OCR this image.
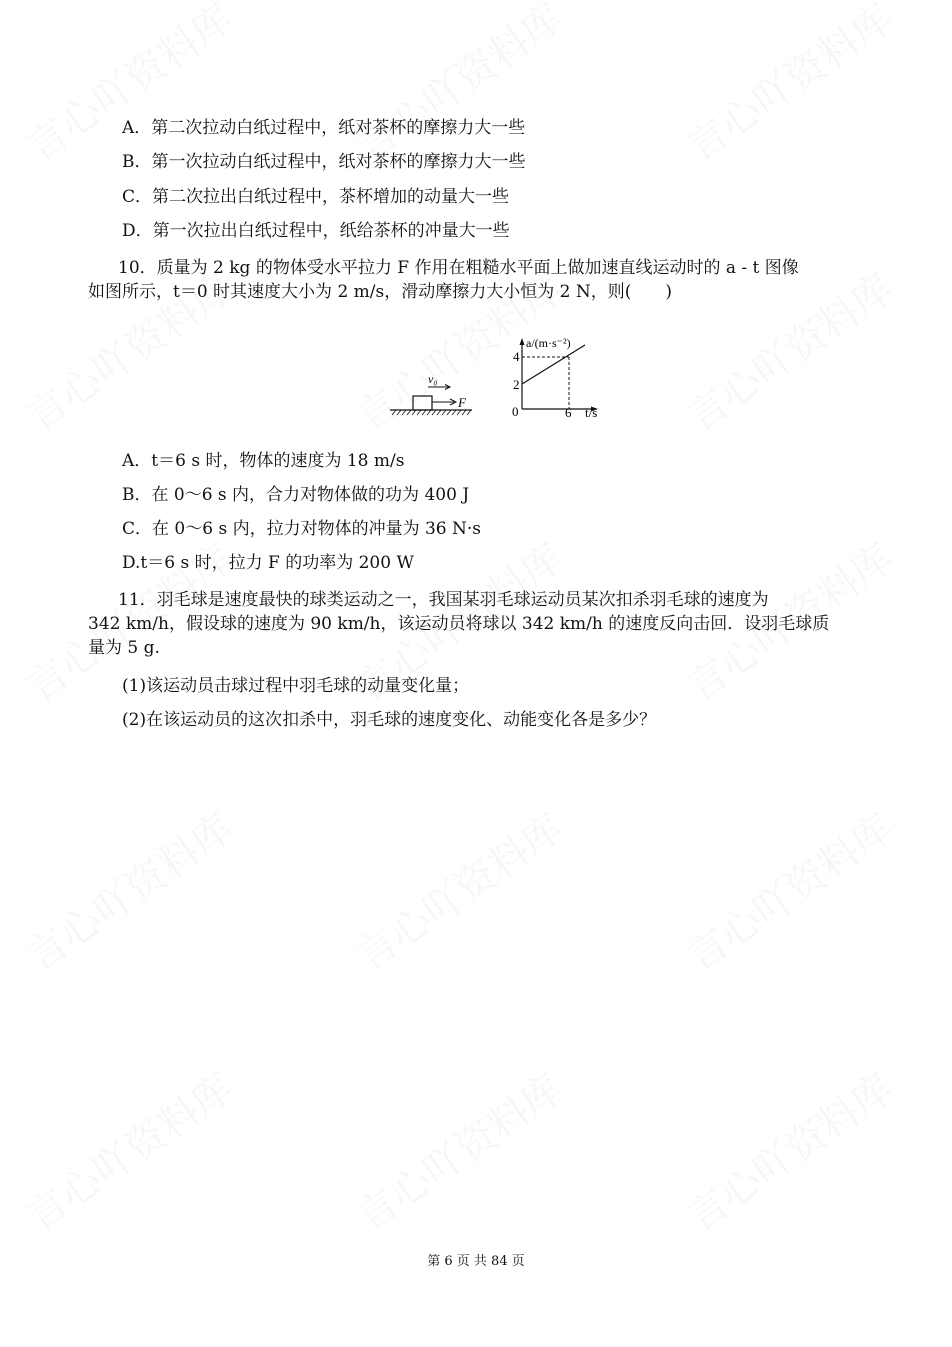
A．第二次拉动白纸过程中，纸对茶杯的摩擦力大一些
B．第一次拉动白纸过程中，纸对茶杯的摩擦力大一些
C．第二次拉出白纸过程中，茶杯增加的动量大一些
D．第一次拉出白纸过程中，纸给茶杯的冲量大一些
10．质量为 2 kg 的物体受水平拉力 F 作用在粗糙水平面上做加速直线运动时的 a - t 图像
如图所示，t＝0 时其速度大小为 2 m/s，滑动摩擦力大小恒为 2 N，则(　　)
v₀
F
a/(m·s⁻²)
4
2
0	6 t/s
A．t＝6 s 时，物体的速度为 18 m/s
B．在 0～6 s 内，合力对物体做的功为 400 J
C．在 0～6 s 内，拉力对物体的冲量为 36 N·s
D.t＝6 s 时，拉力 F 的功率为 200 W
11．羽毛球是速度最快的球类运动之一，我国某羽毛球运动员某次扣杀羽毛球的速度为
342 km/h，假设球的速度为 90 km/h，该运动员将球以 342 km/h 的速度反向击回．设羽毛球质
量为 5 g.
(1)该运动员击球过程中羽毛球的动量变化量；
(2)在该运动员的这次扣杀中，羽毛球的速度变化、动能变化各是多少？
第 6 页 共 84 页
